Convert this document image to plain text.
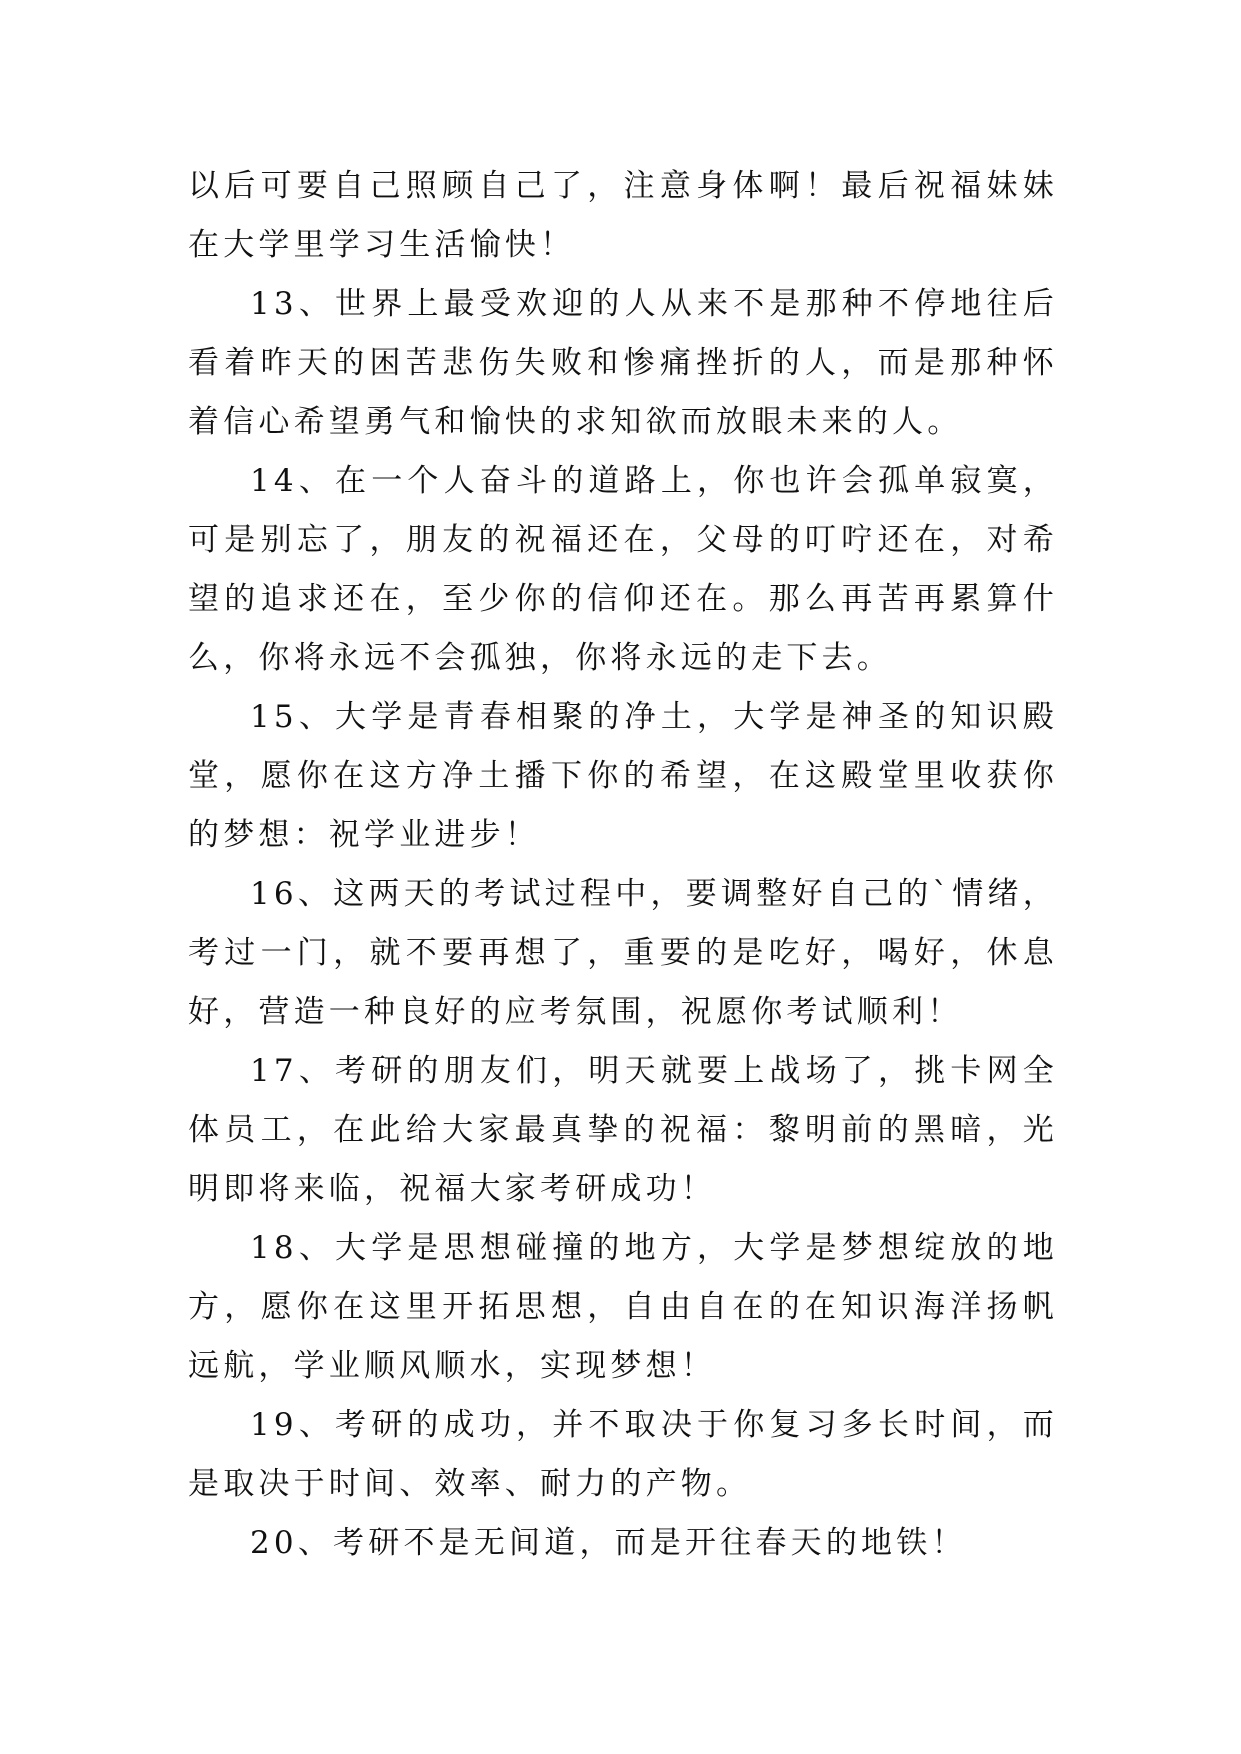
以后可要自己照顾自己了，注意身体啊！最后祝福妹妹在大学里学习生活愉快！

13、世界上最受欢迎的人从来不是那种不停地往后看着昨天的困苦悲伤失败和惨痛挫折的人，而是那种怀着信心希望勇气和愉快的求知欲而放眼未来的人。

14、在一个人奋斗的道路上，你也许会孤单寂寞，可是别忘了，朋友的祝福还在，父母的叮咛还在，对希望的追求还在，至少你的信仰还在。那么再苦再累算什么，你将永远不会孤独，你将永远的走下去。

15、大学是青春相聚的净土，大学是神圣的知识殿堂，愿你在这方净土播下你的希望，在这殿堂里收获你的梦想：祝学业进步！

16、这两天的考试过程中，要调整好自己的`情绪，考过一门，就不要再想了，重要的是吃好，喝好，休息好，营造一种良好的应考氛围，祝愿你考试顺利！

17、考研的朋友们，明天就要上战场了，挑卡网全体员工，在此给大家最真挚的祝福：黎明前的黑暗，光明即将来临，祝福大家考研成功！

18、大学是思想碰撞的地方，大学是梦想绽放的地方，愿你在这里开拓思想，自由自在的在知识海洋扬帆远航，学业顺风顺水，实现梦想！

19、考研的成功，并不取决于你复习多长时间，而是取决于时间、效率、耐力的产物。

20、考研不是无间道，而是开往春天的地铁！
